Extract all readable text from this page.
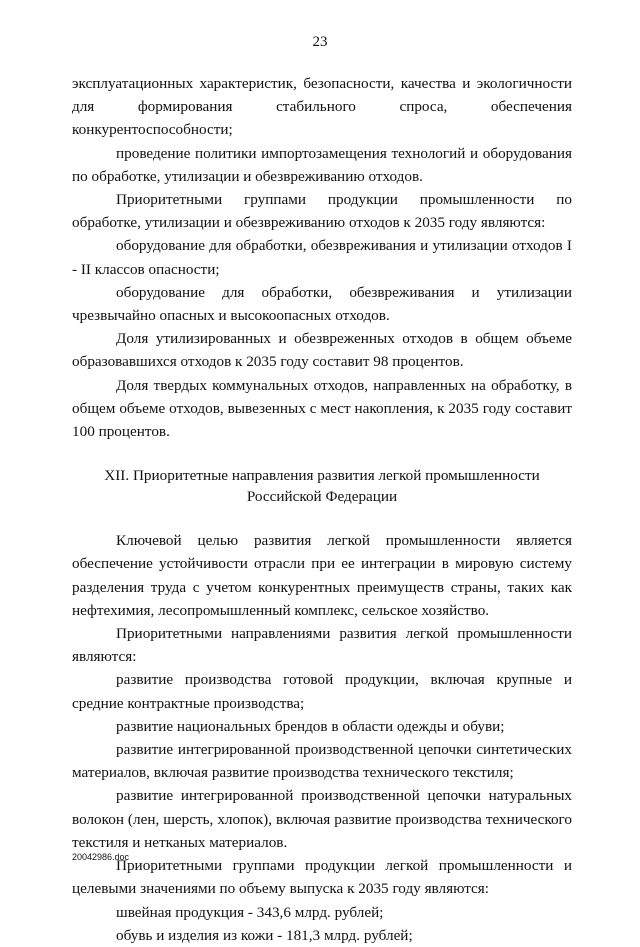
23

эксплуатационных характеристик, безопасности, качества и экологичности для формирования стабильного спроса, обеспечения конкурентоспособности;

проведение политики импортозамещения технологий и оборудования по обработке, утилизации и обезвреживанию отходов.

Приоритетными группами продукции промышленности по обработке, утилизации и обезвреживанию отходов к 2035 году являются:

оборудование для обработки, обезвреживания и утилизации отходов I - II классов опасности;

оборудование для обработки, обезвреживания и утилизации чрезвычайно опасных и высокоопасных отходов.

Доля утилизированных и обезвреженных отходов в общем объеме образовавшихся отходов к 2035 году составит 98 процентов.

Доля твердых коммунальных отходов, направленных на обработку, в общем объеме отходов, вывезенных с мест накопления, к 2035 году составит 100 процентов.

XII. Приоритетные направления развития легкой промышленности
Российской Федерации

Ключевой целью развития легкой промышленности является обеспечение устойчивости отрасли при ее интеграции в мировую систему разделения труда с учетом конкурентных преимуществ страны, таких как нефтехимия, лесопромышленный комплекс, сельское хозяйство.

Приоритетными направлениями развития легкой промышленности являются:

развитие производства готовой продукции, включая крупные и средние контрактные производства;

развитие национальных брендов в области одежды и обуви;

развитие интегрированной производственной цепочки синтетических материалов, включая развитие производства технического текстиля;

развитие интегрированной производственной цепочки натуральных волокон (лен, шерсть, хлопок), включая развитие производства технического текстиля и нетканых материалов.

Приоритетными группами продукции легкой промышленности и целевыми значениями по объему выпуска к 2035 году являются:

швейная продукция - 343,6 млрд. рублей;

обувь и изделия из кожи - 181,3 млрд. рублей;

20042986.doc
